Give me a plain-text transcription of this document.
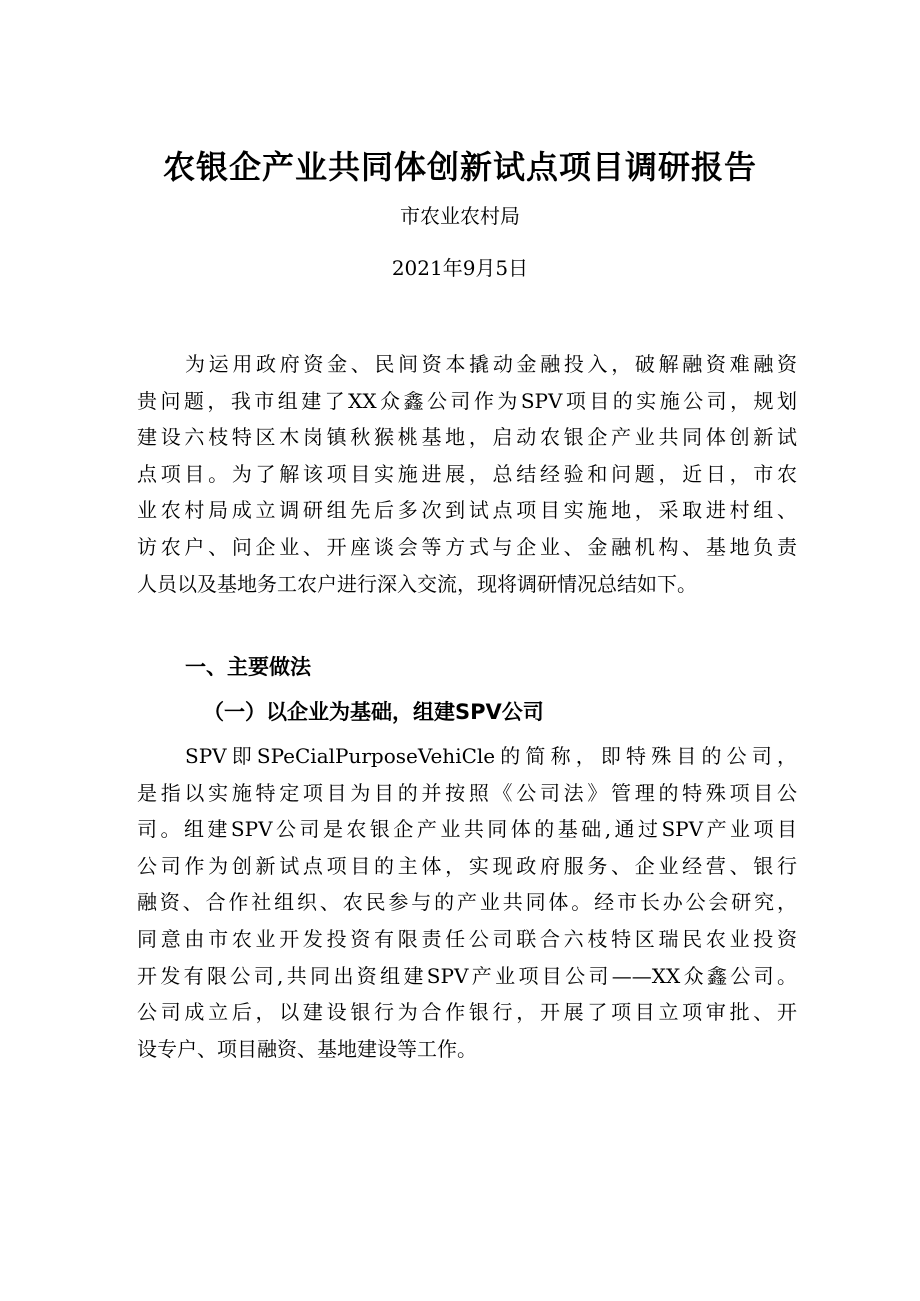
农银企产业共同体创新试点项目调研报告
市农业农村局
2021年9月5日
为运用政府资金、民间资本撬动金融投入，破解融资难融资
贵问题，我市组建了XX众鑫公司作为SPV项目的实施公司，规划
建设六枝特区木岗镇秋猴桃基地，启动农银企产业共同体创新试
点项目。为了解该项目实施进展，总结经验和问题，近日，市农
业农村局成立调研组先后多次到试点项目实施地，采取进村组、
访农户、问企业、开座谈会等方式与企业、金融机构、基地负责
人员以及基地务工农户进行深入交流，现将调研情况总结如下。
一、主要做法
（一）以企业为基础，组建SPV公司
SPV即SPeCialPurposeVehiCle的简称，即特殊目的公司，
是指以实施特定项目为目的并按照《公司法》管理的特殊项目公
司。组建SPV公司是农银企产业共同体的基础,通过SPV产业项目
公司作为创新试点项目的主体，实现政府服务、企业经营、银行
融资、合作社组织、农民参与的产业共同体。经市长办公会研究，
同意由市农业开发投资有限责任公司联合六枝特区瑞民农业投资
开发有限公司,共同出资组建SPV产业项目公司——XX众鑫公司。
公司成立后，以建设银行为合作银行，开展了项目立项审批、开
设专户、项目融资、基地建设等工作。
